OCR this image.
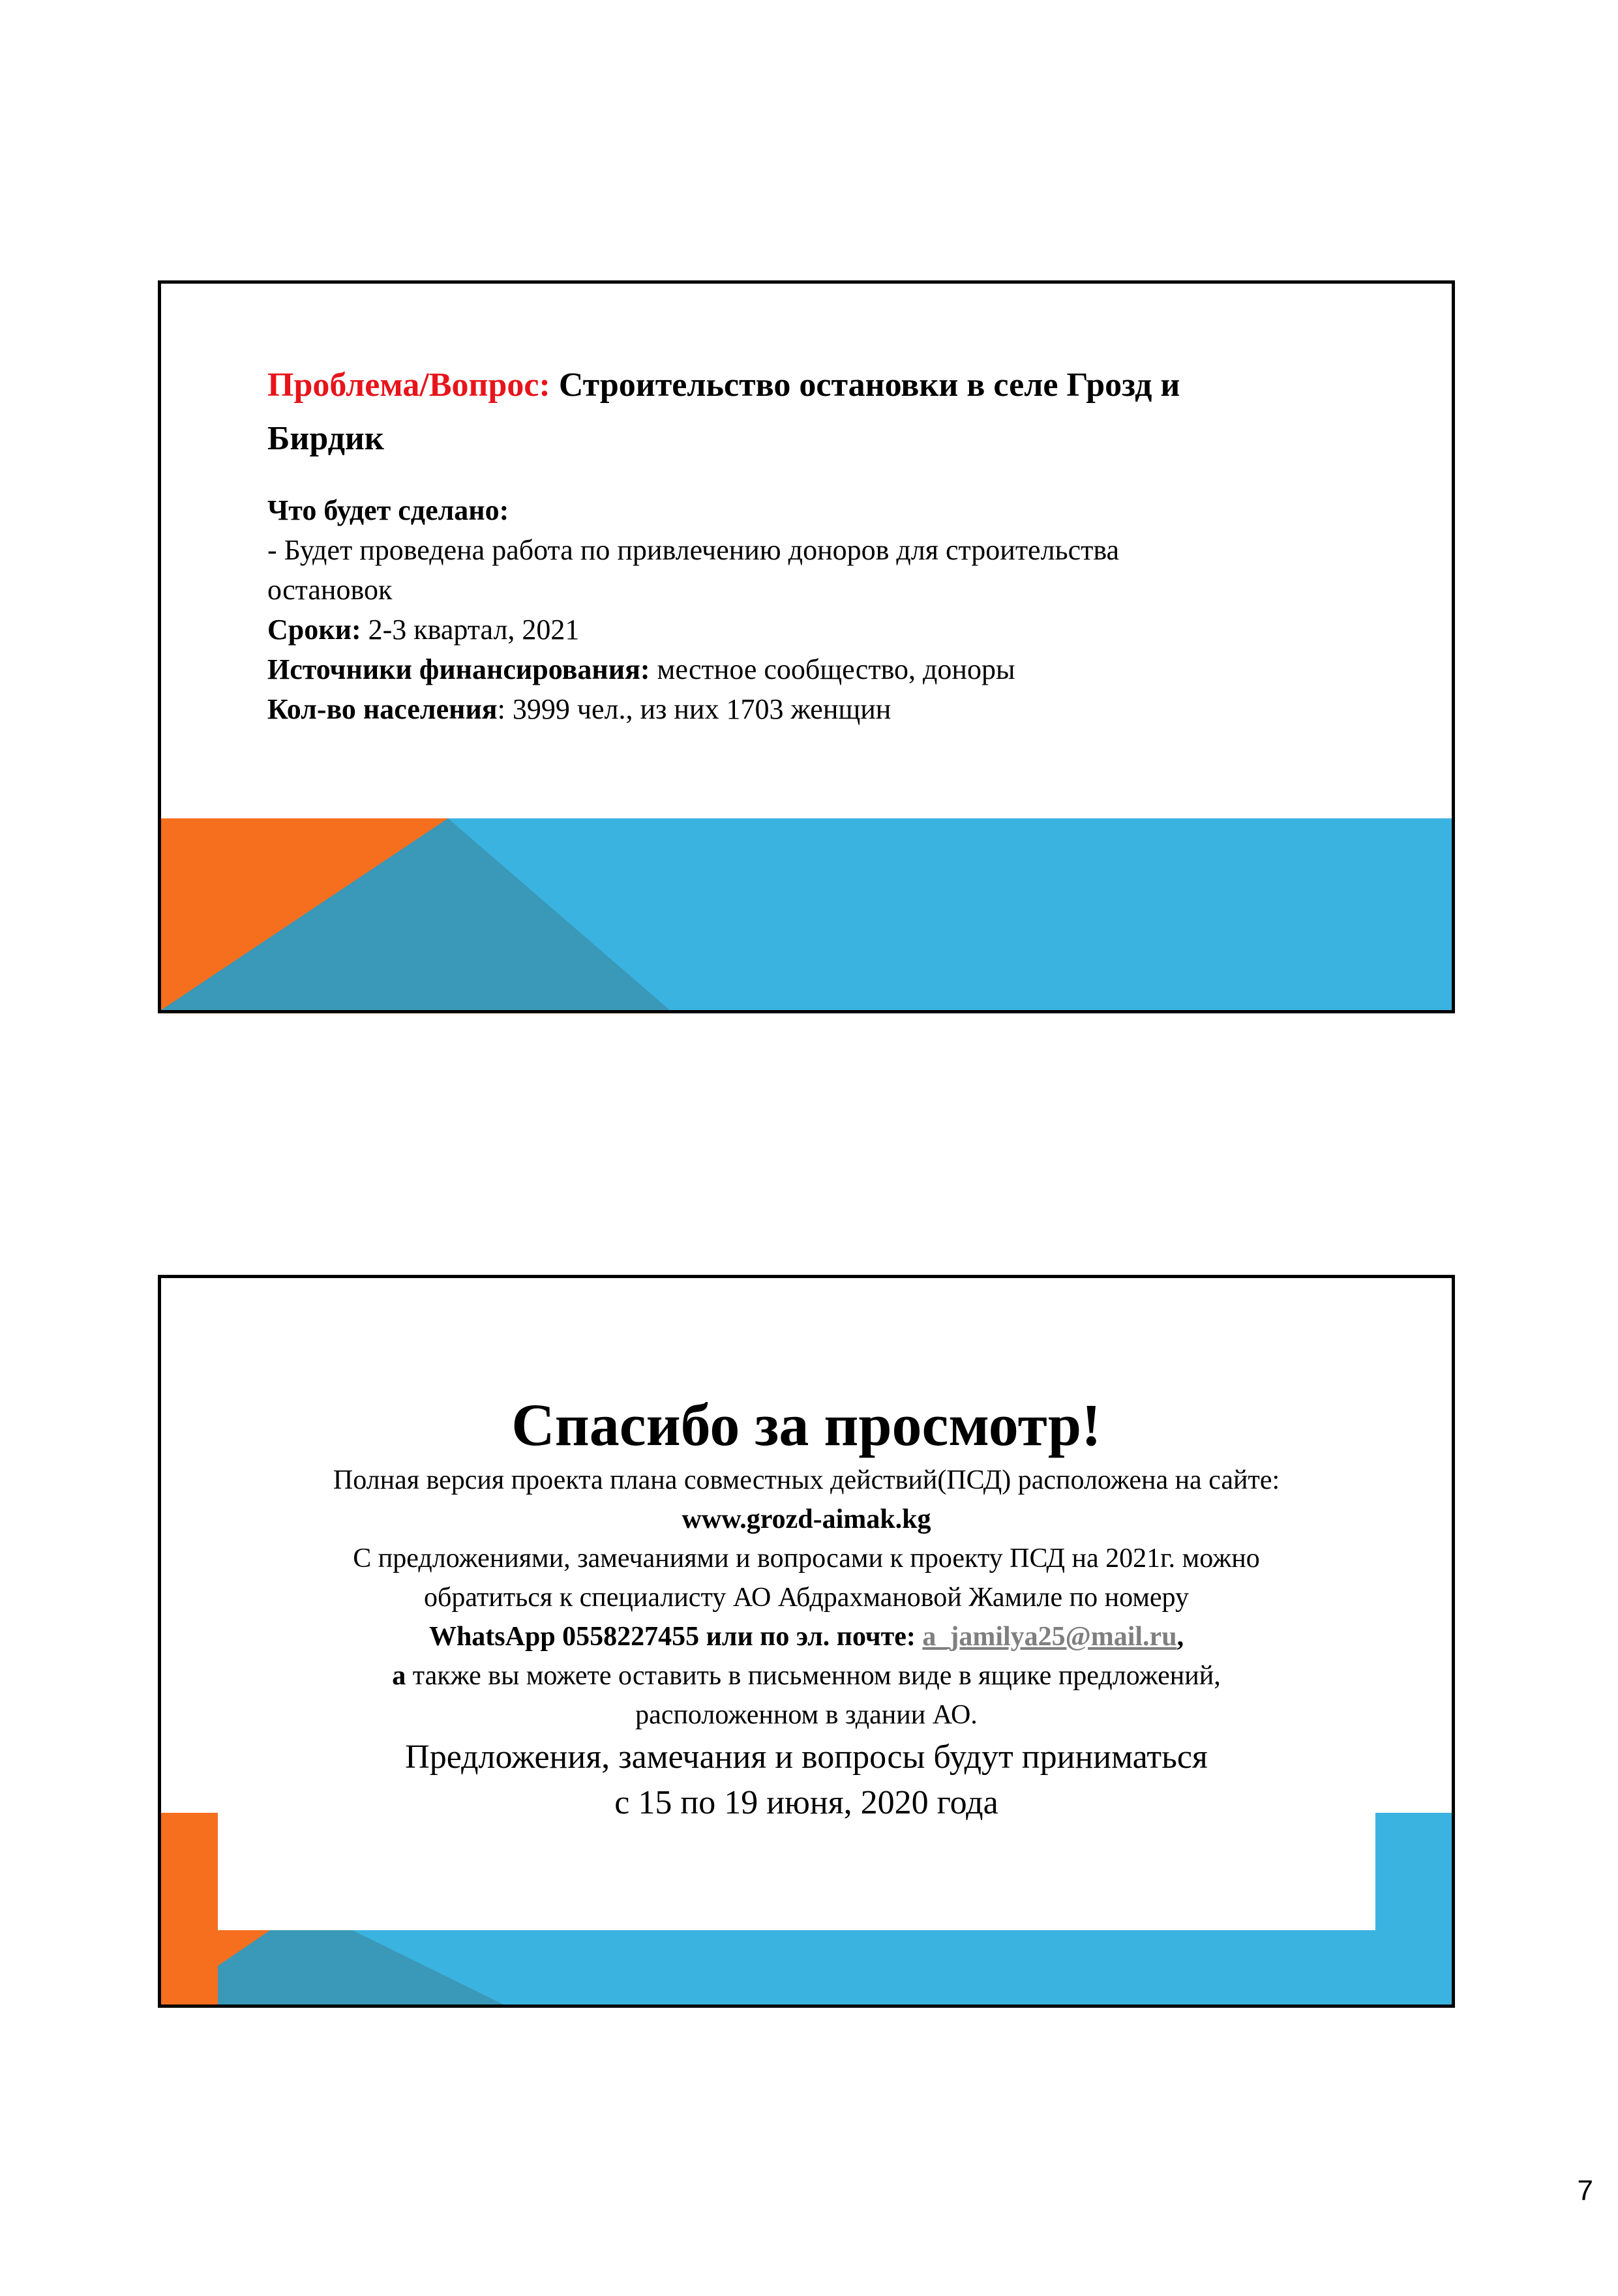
Проблема/Вопрос: Строительство остановки в селе Грозд и
Бирдик

Что будет сделано:
- Будет проведена работа по привлечению доноров для строительства
остановок
Сроки: 2-3 квартал, 2021
Источники финансирования: местное сообщество, доноры
Кол-во населения: 3999 чел., из них 1703 женщин

Спасибо за просмотр!

Полная версия проекта плана совместных действий(ПСД) расположена на сайте:
www.grozd-aimak.kg
С предложениями, замечаниями и вопросами к проекту ПСД на 2021г. можно
обратиться к специалисту АО Абдрахмановой Жамиле по номеру
WhatsApp 0558227455 или по эл. почте: a_jamilya25@mail.ru,
а также вы можете оставить в письменном виде в ящике предложений,
расположенном в здании АО.
Предложения, замечания и вопросы будут приниматься
с 15 по 19 июня, 2020 года
7
